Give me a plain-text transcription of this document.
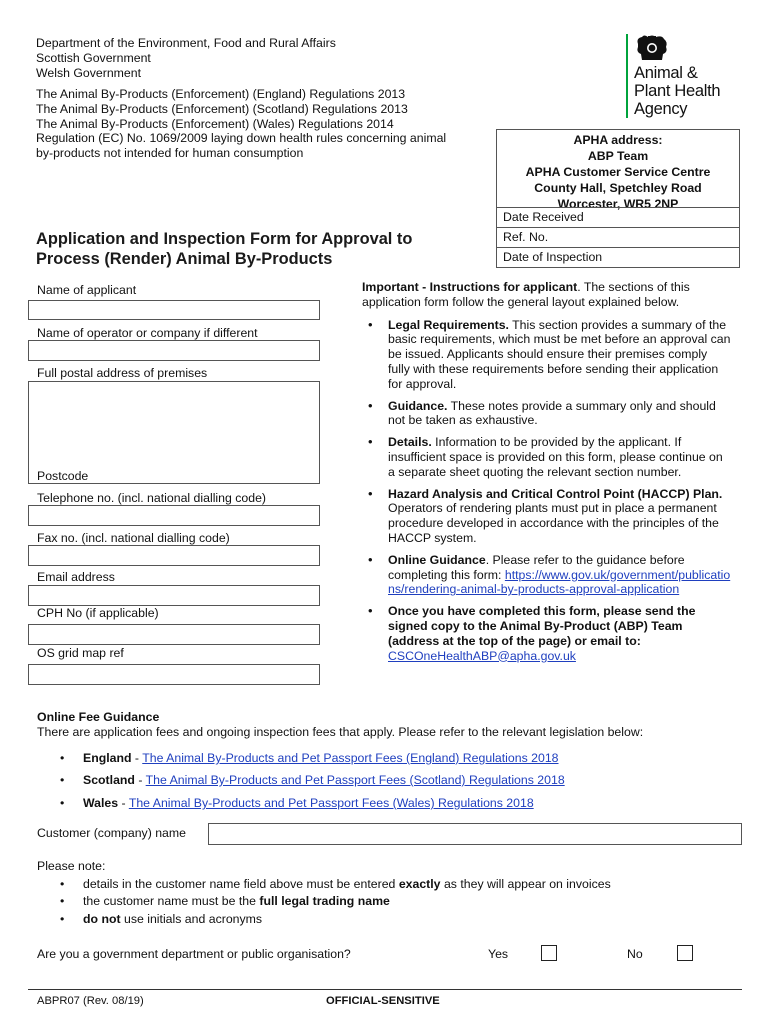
Department of the Environment, Food and Rural Affairs
Scottish Government
Welsh Government
The Animal By-Products (Enforcement) (England) Regulations 2013
The Animal By-Products (Enforcement) (Scotland) Regulations 2013
The Animal By-Products (Enforcement) (Wales) Regulations 2014
Regulation (EC) No. 1069/2009 laying down health rules concerning animal
by-products not intended for human consumption
Animal &
Plant Health
Agency
APHA address:
ABP Team
APHA Customer Service Centre
County Hall, Spetchley Road
Worcester, WR5 2NP
Date Received
Ref. No.
Date of Inspection
Application and Inspection Form for Approval to
Process (Render) Animal By-Products
Name of applicant
Name of operator or company if different
Full postal address of premises
Postcode
Telephone no. (incl. national dialling code)
Fax no. (incl. national dialling code)
Email address
CPH No (if applicable)
OS grid map ref
Important - Instructions for applicant. The sections of this application form follow the general layout explained below.
• Legal Requirements. This section provides a summary of the basic requirements, which must be met before an approval can be issued. Applicants should ensure their premises comply fully with these requirements before sending their application for approval.
• Guidance. These notes provide a summary only and should not be taken as exhaustive.
• Details. Information to be provided by the applicant. If insufficient space is provided on this form, please continue on a separate sheet quoting the relevant section number.
• Hazard Analysis and Critical Control Point (HACCP) Plan. Operators of rendering plants must put in place a permanent procedure developed in accordance with the principles of the HACCP system.
• Online Guidance. Please refer to the guidance before completing this form: https://www.gov.uk/government/publications/rendering-animal-by-products-approval-application
• Once you have completed this form, please send the signed copy to the Animal By-Product (ABP) Team (address at the top of the page) or email to: CSCOneHealthABP@apha.gov.uk
Online Fee Guidance
There are application fees and ongoing inspection fees that apply. Please refer to the relevant legislation below:
• England - The Animal By-Products and Pet Passport Fees (England) Regulations 2018
• Scotland - The Animal By-Products and Pet Passport Fees (Scotland) Regulations 2018
• Wales - The Animal By-Products and Pet Passport Fees (Wales) Regulations 2018
Customer (company) name
Please note:
• details in the customer name field above must be entered exactly as they will appear on invoices
• the customer name must be the full legal trading name
• do not use initials and acronyms
Are you a government department or public organisation?	Yes	No
ABPR07 (Rev. 08/19)	OFFICIAL-SENSITIVE
